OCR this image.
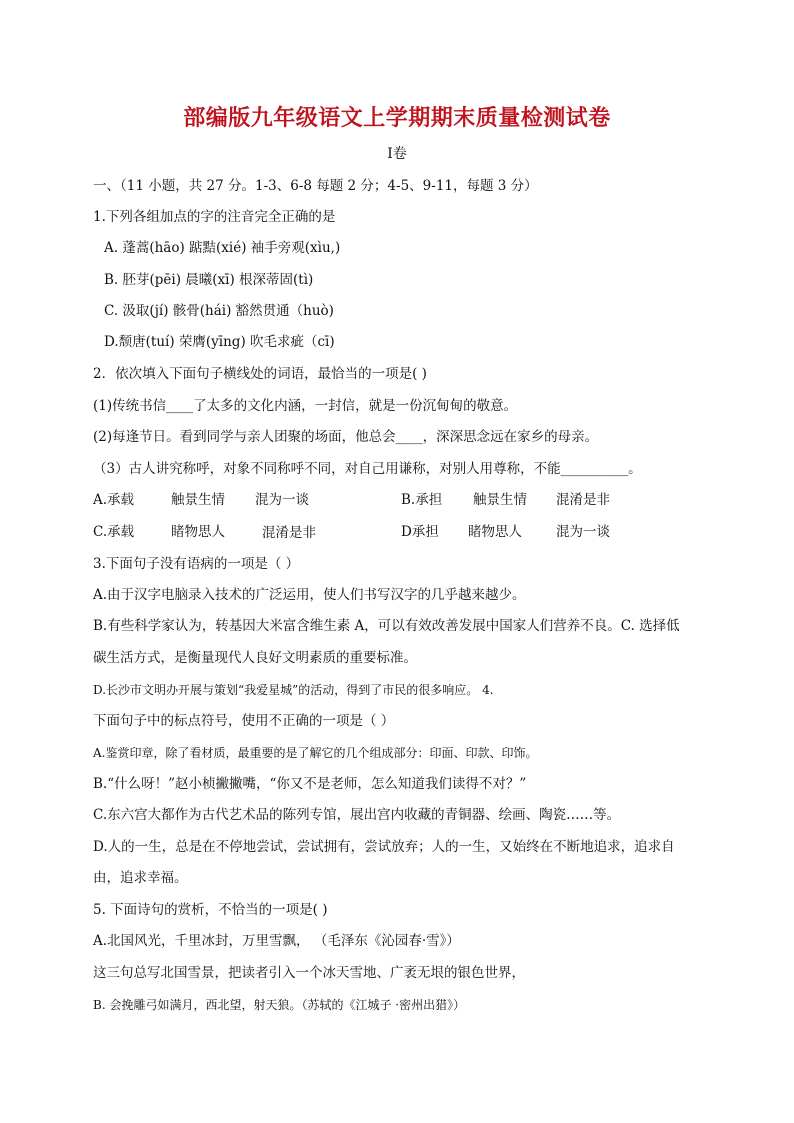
部编版九年级语文上学期期末质量检测试卷
I卷
一、（11 小题，共 27 分。1-3、6-8 每题 2 分；4-5、9-11，每题 3 分）
1.下列各组加点的字的注音完全正确的是
A. 蓬蒿(hāo) 踮黠(xié) 袖手旁观(xìu,)
B. 胚芽(pēi) 晨曦(xī) 根深蒂固(tì)
C. 汲取(jí) 骸骨(hái) 豁然贯通（huò)
D.颓唐(tuí) 荣膺(yīng) 吹毛求疵（cī)
2．依次填入下面句子横线处的词语，最恰当的一项是( )
(1)传统书信____了太多的文化内涵，一封信，就是一份沉甸甸的敬意。
(2)每逢节日。看到同学与亲人团聚的场面，他总会____，深深思念远在家乡的母亲。
（3）古人讲究称呼，对象不同称呼不同，对自己用谦称，对别人用尊称，不能__________。
A.承载	触景生情 混为一谈	B.承担 触景生情 混淆是非
C.承载	睹物思人	混淆是非	D承担 睹物思人	混为一谈
3.下面句子没有语病的一项是（ ）
A.由于汉字电脑录入技术的广泛运用，使人们书写汉字的几乎越来越少。
B.有些科学家认为，转基因大米富含维生素 A，可以有效改善发展中国家人们营养不良。C. 选择低
碳生活方式，是衡量现代人良好文明素质的重要标准。
D.长沙市文明办开展与策划“我爱星城”的活动，得到了市民的很多响应。 4.
下面句子中的标点符号，使用不正确的一项是（ ）
A.鉴赏印章，除了看材质，最重要的是了解它的几个组成部分：印面、印款、印饰。
B.“什么呀！”赵小桢撇撇嘴，“你又不是老师，怎么知道我们读得不对？”
C.东六宫大都作为古代艺术品的陈列专馆，展出宫内收藏的青铜器、绘画、陶瓷……等。
D.人的一生，总是在不停地尝试，尝试拥有，尝试放弃；人的一生，又始终在不断地追求，追求自
由，追求幸福。
5. 下面诗句的赏析，不恰当的一项是( )
A.北国风光，千里冰封，万里雪飘， （毛泽东《沁园春·雪》）
这三句总写北国雪景，把读者引入一个冰天雪地、广袤无垠的银色世界，
B. 会挽雕弓如满月，西北望，射天狼。（苏轼的《江城子 ·密州出猎》）
